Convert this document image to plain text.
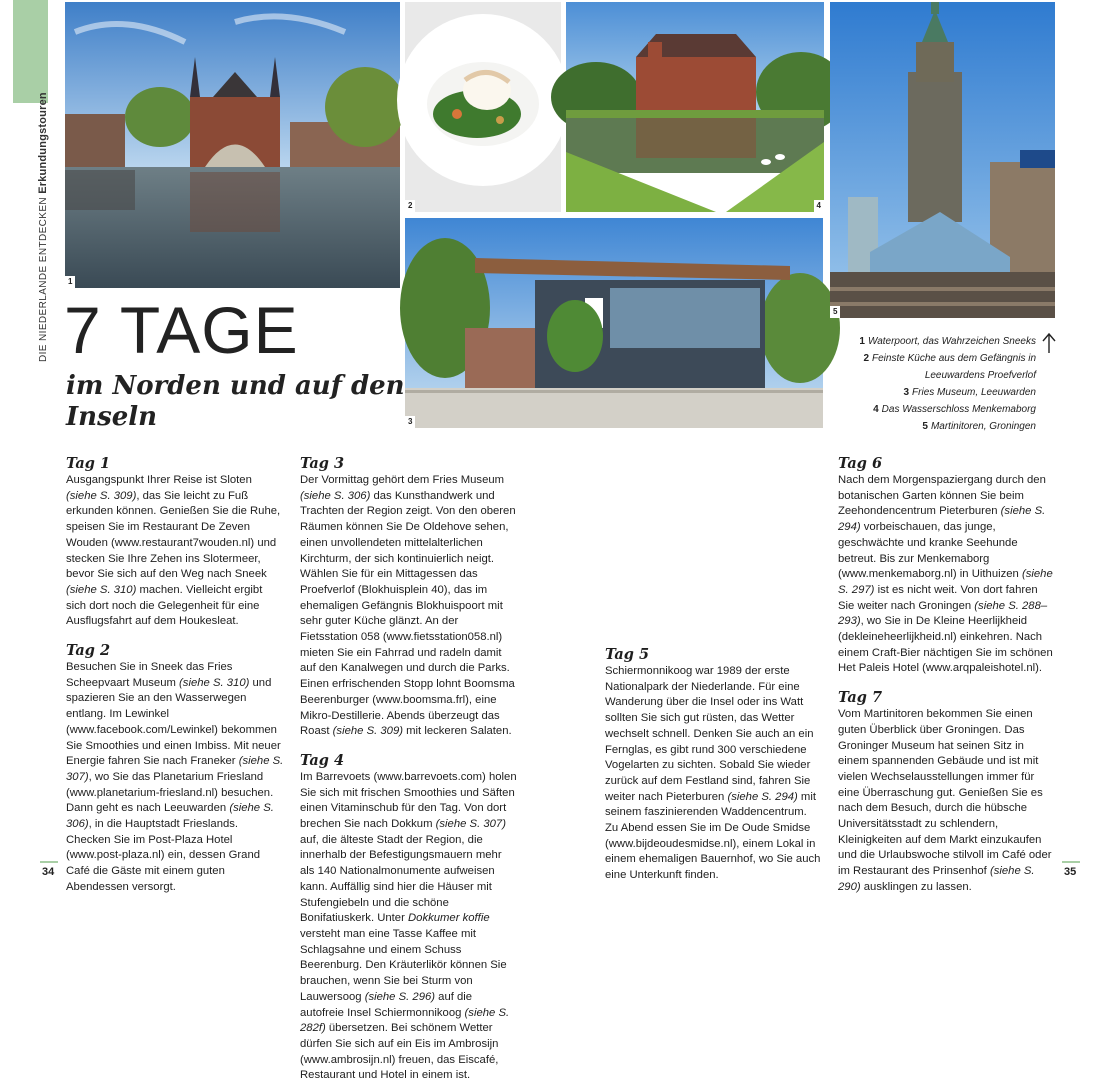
DIE NIEDERLANDE ENTDECKEN Erkundungstouren
1
2	4
3
5
7 TAGE
im Norden und auf den Inseln
1 Waterpoort, das Wahrzeichen Sneeks
2 Feinste Küche aus dem Gefängnis in Leeuwardens Proefverlof
3 Fries Museum, Leeuwarden
4 Das Wasserschloss Menkemaborg
5 Martinitoren, Groningen
Tag 1

Ausgangspunkt Ihrer Reise ist Sloten (siehe S. 309), das Sie leicht zu Fuß erkunden können. Genießen Sie die Ruhe, speisen Sie im Restaurant De Zeven Wouden (www.restaurant7wouden.nl) und stecken Sie Ihre Zehen ins Slotermeer, bevor Sie sich auf den Weg nach Sneek (siehe S. 310) machen. Vielleicht ergibt sich dort noch die Gelegenheit für eine Ausflugsfahrt auf dem Houkesleat.

Tag 2

Besuchen Sie in Sneek das Fries Scheepvaart Museum (siehe S. 310) und spazieren Sie an den Wasserwegen entlang. Im Lewinkel (www.facebook.com/Lewinkel) bekommen Sie Smoothies und einen Imbiss. Mit neuer Energie fahren Sie nach Franeker (siehe S. 307), wo Sie das Planetarium Friesland (www.planetarium-friesland.nl) besuchen. Dann geht es nach Leeuwarden (siehe S. 306), in die Hauptstadt Frieslands. Checken Sie im Post-Plaza Hotel (www.post-plaza.nl) ein, dessen Grand Café die Gäste mit einem guten Abendessen versorgt.

Tag 3

Der Vormittag gehört dem Fries Museum (siehe S. 306) das Kunsthandwerk und Trachten der Region zeigt. Von den oberen Räumen können Sie De Oldehove sehen, einen unvollendeten mittelalterlichen Kirchturm, der sich kontinuierlich neigt. Wählen Sie für ein Mittagessen das Proefverlof (Blokhuisplein 40), das im ehemaligen Gefängnis Blokhuispoort mit sehr guter Küche glänzt. An der Fietsstation 058 (www.fietsstation058.nl) mieten Sie ein Fahrrad und radeln damit auf den Kanalwegen und durch die Parks. Einen erfrischenden Stopp lohnt Boomsma Beerenburger (www.boomsma.frl), eine Mikro-Destillerie. Abends überzeugt das Roast (siehe S. 309) mit leckeren Salaten.

Tag 4

Im Barrevoets (www.barrevoets.com) holen Sie sich mit frischen Smoothies und Säften einen Vitaminschub für den Tag. Von dort brechen Sie nach Dokkum (siehe S. 307) auf, die älteste Stadt der Region, die innerhalb der Befestigungsmauern mehr als 140 Nationalmonumente aufweisen kann. Auffällig sind hier die Häuser mit Stufengiebeln und die schöne Bonifatiuskerk. Unter Dokkumer koffie versteht man eine Tasse Kaffee mit Schlagsahne und einem Schuss Beerenburg. Den Kräuterlikör können Sie brauchen, wenn Sie bei Sturm von Lauwersoog (siehe S. 296) auf die autofreie Insel Schiermonnikoog (siehe S. 282f) übersetzen. Bei schönem Wetter dürfen Sie sich auf ein Eis im Ambrosijn (www.ambrosijn.nl) freuen, das Eiscafé, Restaurant und Hotel in einem ist.

Tag 5

Schiermonnikoog war 1989 der erste Nationalpark der Niederlande. Für eine Wanderung über die Insel oder ins Watt sollten Sie sich gut rüsten, das Wetter wechselt schnell. Denken Sie auch an ein Fernglas, es gibt rund 300 verschiedene Vogelarten zu sichten. Sobald Sie wieder zurück auf dem Festland sind, fahren Sie weiter nach Pieterburen (siehe S. 294) mit seinem faszinierenden Waddencentrum. Zu Abend essen Sie im De Oude Smidse (www.bijdeoudesmidse.nl), einem Lokal in einem ehemaligen Bauernhof, wo Sie auch eine Unterkunft finden.

Tag 6

Nach dem Morgenspaziergang durch den botanischen Garten können Sie beim Zeehondencentrum Pieterburen (siehe S. 294) vorbeischauen, das junge, geschwächte und kranke Seehunde betreut. Bis zur Menkemaborg (www.menkemaborg.nl) in Uithuizen (siehe S. 297) ist es nicht weit. Von dort fahren Sie weiter nach Groningen (siehe S. 288–293), wo Sie in De Kleine Heerlijkheid (dekleineheerlijkheid.nl) einkehren. Nach einem Craft-Bier nächtigen Sie im schönen Het Paleis Hotel (www.arqpaleishotel.nl).

Tag 7

Vom Martinitoren bekommen Sie einen guten Überblick über Groningen. Das Groninger Museum hat seinen Sitz in einem spannenden Gebäude und ist mit vielen Wechselausstellungen immer für eine Überraschung gut. Genießen Sie es nach dem Besuch, durch die hübsche Universitätsstadt zu schlendern, Kleinigkeiten auf dem Markt einzukaufen und die Urlaubswoche stilvoll im Café oder im Restaurant des Prinsenhof (siehe S. 290) ausklingen zu lassen.

34	35
